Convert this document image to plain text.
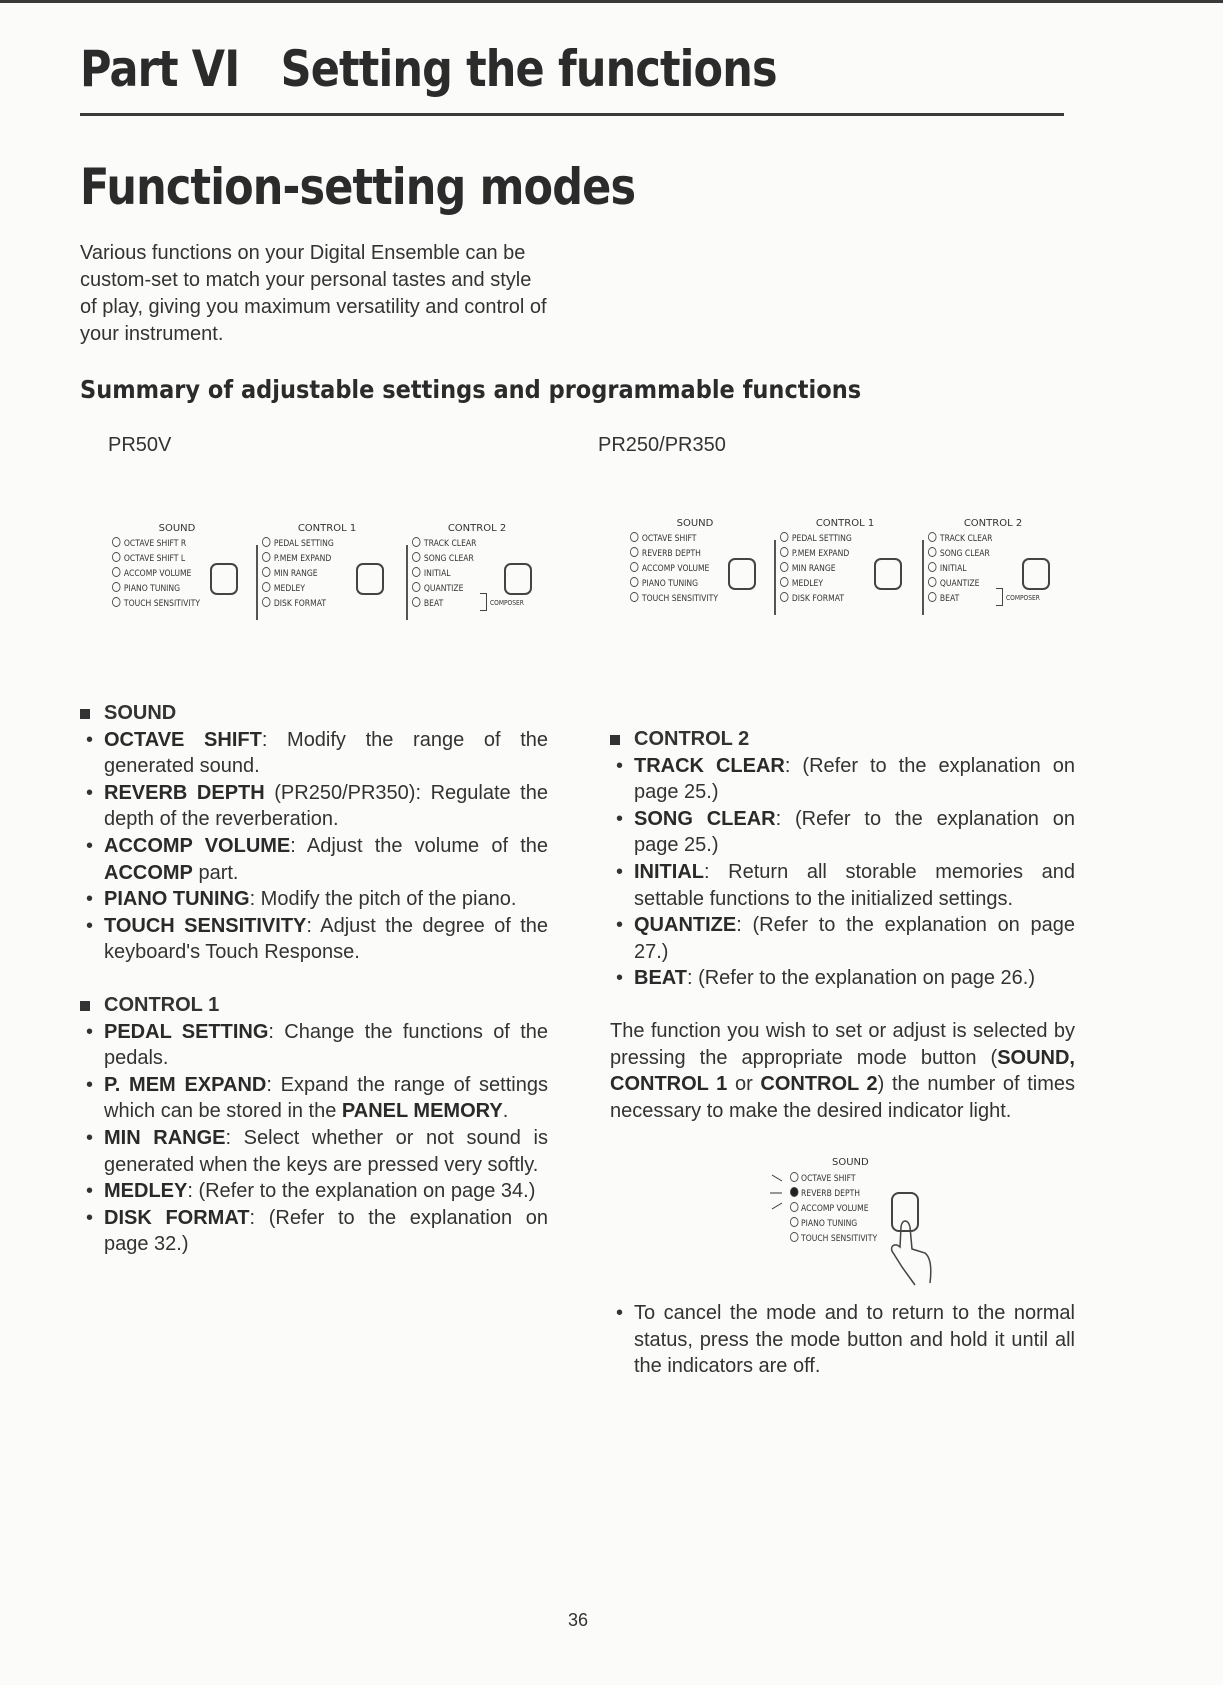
Part VI Setting the functions
Function-setting modes

Various functions on your Digital Ensemble can be custom-set to match your personal tastes and style of play, giving you maximum versatility and control of your instrument.

Summary of adjustable settings and programmable functions
PR50V	PR250/PR350
SOUND
OCTAVE SHIFT R
OCTAVE SHIFT L
ACCOMP VOLUME
PIANO TUNING
TOUCH SENSITIVITY
CONTROL 1
PEDAL SETTING
P.MEM EXPAND
MIN RANGE
MEDLEY
DISK FORMAT
CONTROL 2
TRACK CLEAR
SONG CLEAR
INITIAL
QUANTIZE
BEAT	COMPOSER
SOUND
OCTAVE SHIFT
REVERB DEPTH
ACCOMP VOLUME
PIANO TUNING
TOUCH SENSITIVITY
CONTROL 1
PEDAL SETTING
P.MEM EXPAND
MIN RANGE
MEDLEY
DISK FORMAT
CONTROL 2
TRACK CLEAR
SONG CLEAR
INITIAL
QUANTIZE
BEAT	COMPOSER

SOUND

• OCTAVE SHIFT: Modify the range of the generated sound.

• REVERB DEPTH (PR250/PR350): Regulate the depth of the reverberation.

• ACCOMP VOLUME: Adjust the volume of the ACCOMP part.

• PIANO TUNING: Modify the pitch of the piano.

• TOUCH SENSITIVITY: Adjust the degree of the keyboard's Touch Response.

CONTROL 1

• PEDAL SETTING: Change the functions of the pedals.

• P. MEM EXPAND: Expand the range of settings which can be stored in the PANEL MEMORY.

• MIN RANGE: Select whether or not sound is generated when the keys are pressed very softly.

• MEDLEY: (Refer to the explanation on page 34.)

• DISK FORMAT: (Refer to the explanation on page 32.)

CONTROL 2

• TRACK CLEAR: (Refer to the explanation on page 25.)

• SONG CLEAR: (Refer to the explanation on page 25.)

• INITIAL: Return all storable memories and settable functions to the initialized settings.

• QUANTIZE: (Refer to the explanation on page 27.)

• BEAT: (Refer to the explanation on page 26.)

The function you wish to set or adjust is selected by pressing the appropriate mode button (SOUND, CONTROL 1 or CONTROL 2) the number of times necessary to make the desired indicator light.

SOUND
OCTAVE SHIFT
REVERB DEPTH
ACCOMP VOLUME
PIANO TUNING
TOUCH SENSITIVITY

• To cancel the mode and to return to the normal status, press the mode button and hold it until all the indicators are off.

36
